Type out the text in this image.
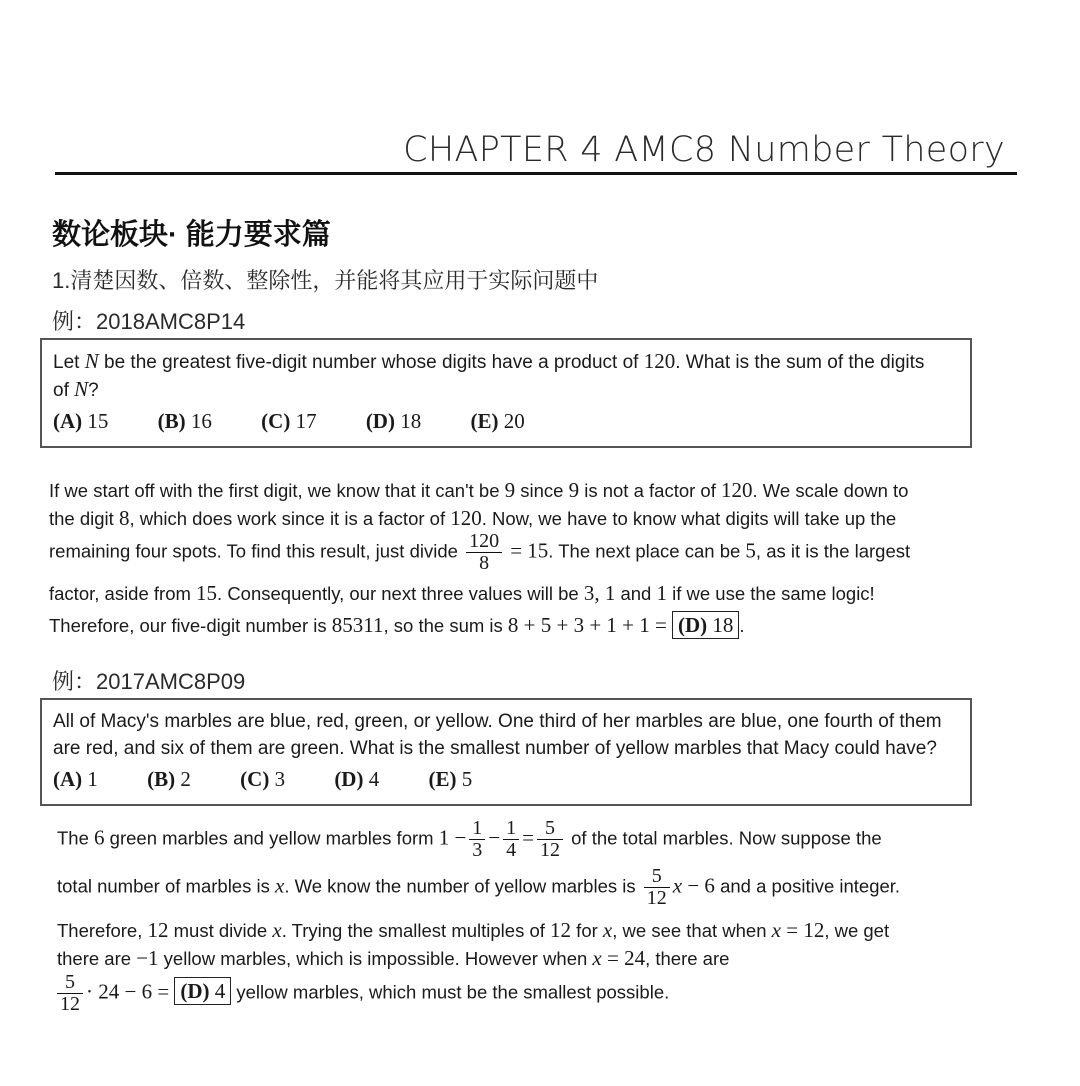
CHAPTER 4 AMC8 Number Theory
数论板块· 能力要求篇
1.清楚因数、倍数、整除性，并能将其应用于实际问题中
例：2018AMC8P14
Let N be the greatest five-digit number whose digits have a product of 120. What is the sum of the digits
of N?
(A) 15 (B) 16 (C) 17 (D) 18 (E) 20
If we start off with the first digit, we know that it can't be 9 since 9 is not a factor of 120. We scale down to
the digit 8, which does work since it is a factor of 120. Now, we have to know what digits will take up the
remaining four spots. To find this result, just divide $\frac{120}{8} = 15$. The next place can be 5, as it is the largest
factor, aside from 15. Consequently, our next three values will be 3, 1 and 1 if we use the same logic!
Therefore, our five-digit number is 85311, so the sum is 8 + 5 + 3 + 1 + 1 = (D) 18 .
例：2017AMC8P09
All of Macy's marbles are blue, red, green, or yellow. One third of her marbles are blue, one fourth of them
are red, and six of them are green. What is the smallest number of yellow marbles that Macy could have?
(A) 1 (B) 2 (C) 3 (D) 4 (E) 5
The 6 green marbles and yellow marbles form $1 - \frac{1}{3} - \frac{1}{4} = \frac{5}{12}$ of the total marbles. Now suppose the
total number of marbles is x. We know the number of yellow marbles is $\frac{5}{12}$ x − 6 and a positive integer.
Therefore, 12 must divide x. Trying the smallest multiples of 12 for x, we see that when x = 12, we get
there are −1 yellow marbles, which is impossible. However when x = 24, there are
$\frac{5}{12} \cdot 24 - 6 = (D)$ 4 yellow marbles, which must be the smallest possible.
